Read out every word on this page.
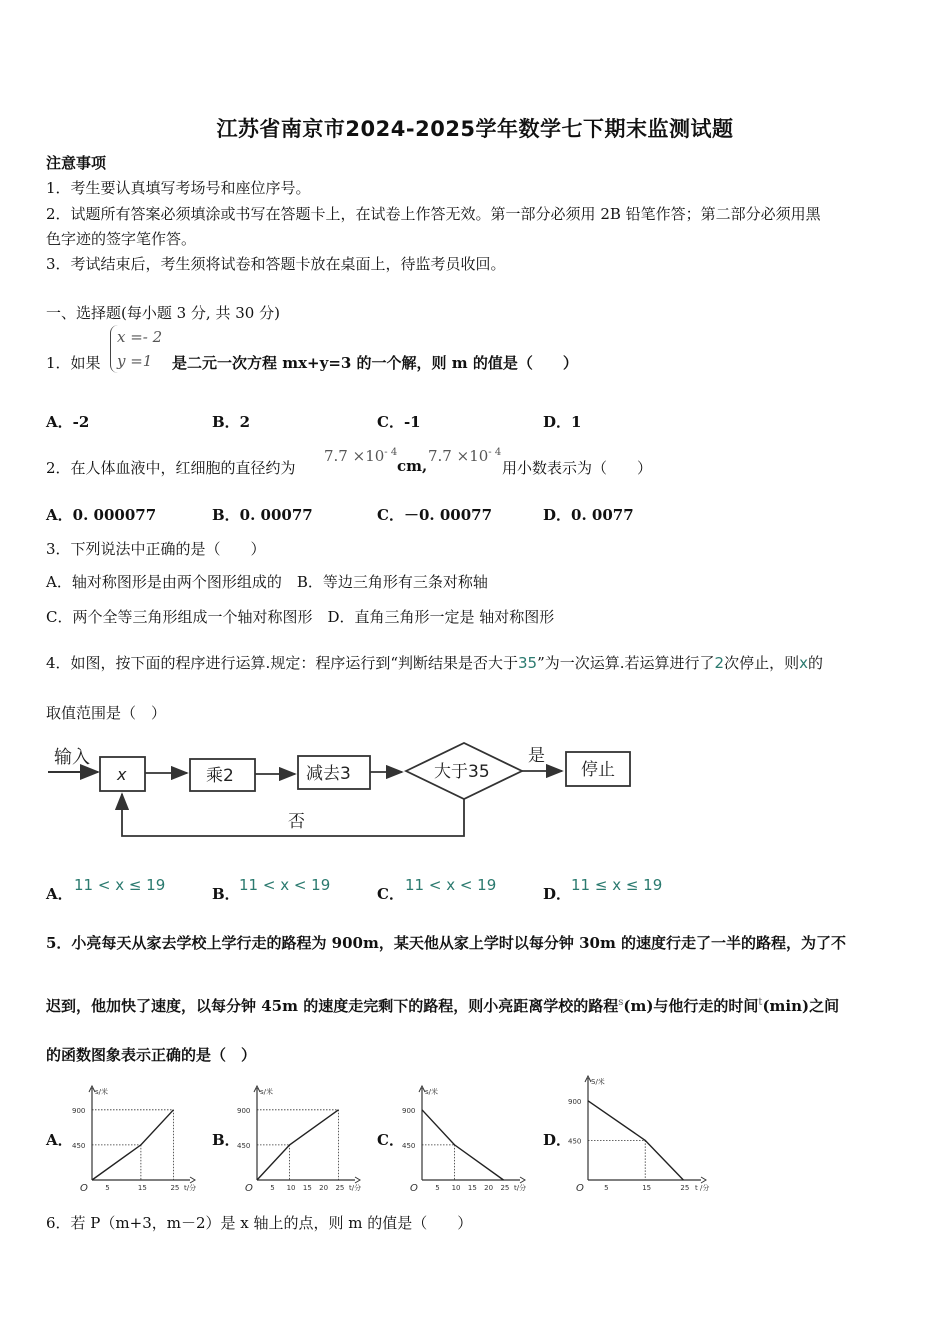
江苏省南京市2024-2025学年数学七下期末监测试题
注意事项
1．考生要认真填写考场号和座位序号。
2．试题所有答案必须填涂或书写在答题卡上，在试卷上作答无效。第一部分必须用 2B 铅笔作答；第二部分必须用黑
色字迹的签字笔作答。
3．考试结束后，考生须将试卷和答题卡放在桌面上，待监考员收回。
一、选择题(每小题 3 分, 共 30 分)
1．如果
x =- 2
y =1	是二元一次方程 mx+y=3 的一个解，则 m 的值是（　　）
A．-2	B．2	C．-1	D．1
2．在人体血液中，红细胞的直径约为
$7.7 \times 10^{- 4}$
cm,
$7.7 \times 10^{- 4}$
用小数表示为（　　）
A．0. 000077	B．0. 00077	C．－0. 00077	D．0. 0077
3．下列说法中正确的是（　　）
A．轴对称图形是由两个图形组成的　B．等边三角形有三条对称轴
C．两个全等三角形组成一个轴对称图形　D．直角三角形一定是 轴对称图形
4．如图，按下面的程序进行运算.规定：程序运行到“判断结果是否大于35”为一次运算.若运算进行了2次停止，则x的
取值范围是（　）
输入
x	乘2	减去3	大于35
是
停止
否
A． 11 < x ≤ 19	B． 11 < x < 19	C． 11 < x < 19	D． 11 ≤ x ≤ 19
5．小亮每天从家去学校上学行走的路程为 900m，某天他从家上学时以每分钟 30m 的速度行走了一半的路程，为了不
迟到，他加快了速度，以每分钟 45m 的速度走完剩下的路程，则小亮距离学校的路程$^s$(m)与他行走的时间$^t$(min)之间
的函数图象表示正确的是（　）
A．	B．	C．	D．
s/米
t/分
O
900
450
5	15	25
s/米
t/分
O
900
450
5 10 15 20 25
s/米
t/分
O
900
450
5 10 15 20 25
S/米
t /分
O
900
450
5	15	25
6．若 P（m+3，m－2）是 x 轴上的点，则 m 的值是（　　）
